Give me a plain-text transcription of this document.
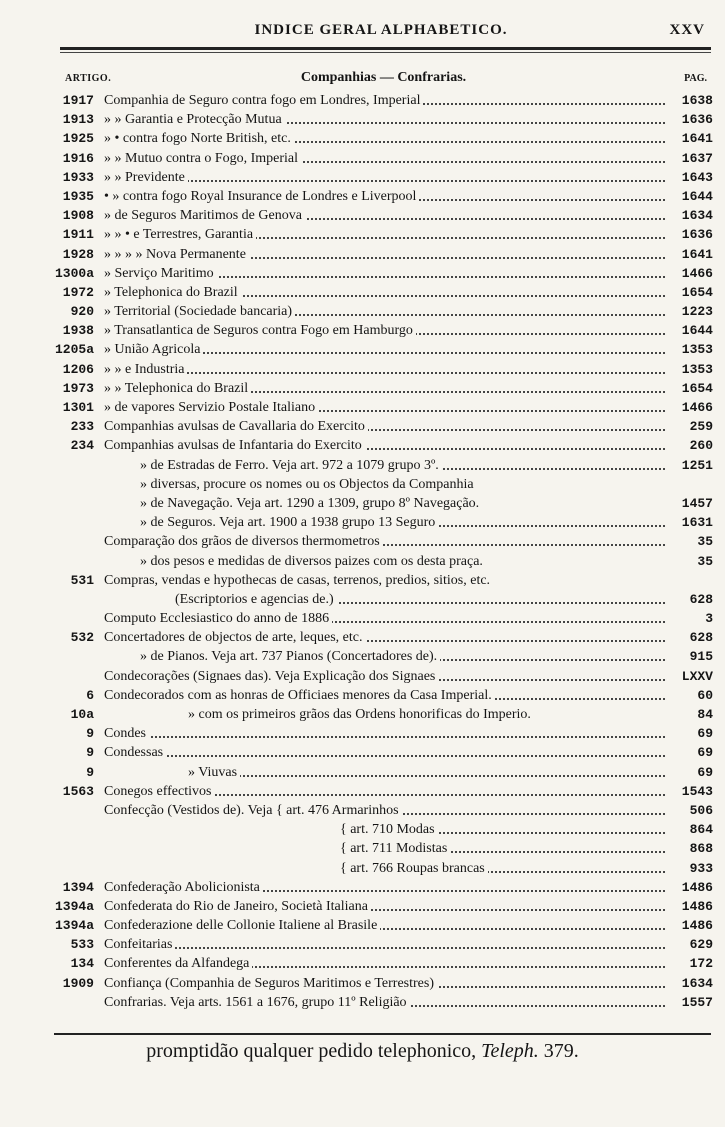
INDICE GERAL ALPHABETICO.	XXV
ARTIGO.	Companhias — Confrarias.	PAG.
1917 Companhia de Seguro contra fogo em Londres, Imperial	1638
1913 » » Garantia e Protecção Mutua	1636
1925 » • contra fogo Norte British, etc.	1641
1916 » » Mutuo contra o Fogo, Imperial	1637
1933 » » Previdente	1643
1935 • » contra fogo Royal Insurance de Londres e Liverpool	1644
1908 » de Seguros Maritimos de Genova	1634
1911 » » • e Terrestres, Garantia	1636
1928 » » » » Nova Permanente	1641
1300a » Serviço Maritimo	1466
1972 » Telephonica do Brazil	1654
920 » Territorial (Sociedade bancaria)	1223
1938 » Transatlantica de Seguros contra Fogo em Hamburgo	1644
1205a » União Agricola	1353
1206 » » e Industria	1353
1973 » » Telephonica do Brazil	1654
1301 » de vapores Servizio Postale Italiano	1466
233 Companhias avulsas de Cavallaria do Exercito	259
234 Companhias avulsas de Infantaria do Exercito	260
» de Estradas de Ferro. Veja art. 972 a 1079 grupo 3º.	1251
» diversas, procure os nomes ou os Objectos da Companhia
» de Navegação. Veja art. 1290 a 1309, grupo 8º Navegação.	1457
» de Seguros. Veja art. 1900 a 1938 grupo 13 Seguro	1631
Comparação dos grãos de diversos thermometros	35
» dos pesos e medidas de diversos paizes com os desta praça.	35
531 Compras, vendas e hypothecas de casas, terrenos, predios, sitios, etc.
(Escriptorios e agencias de.)	628
Computo Ecclesiastico do anno de 1886	3
532 Concertadores de objectos de arte, leques, etc.	628
» de Pianos. Veja art. 737 Pianos (Concertadores de).	915
Condecorações (Signaes das). Veja Explicação dos Signaes	LXXV
6 Condecorados com as honras de Officiaes menores da Casa Imperial.	60
10a	» com os primeiros grãos das Ordens honorificas do Imperio.	84
9 Condes	69
9 Condessas	69
9	» Viuvas	69
1563 Conegos effectivos	1543
Confecção (Vestidos de). Veja { art. 476 Armarinhos	506
{ art. 710 Modas	864
{ art. 711 Modistas	868
{ art. 766 Roupas brancas	933
1394 Confederação Abolicionista	1486
1394a Confederata do Rio de Janeiro, Società Italiana	1486
1394a Confederazione delle Collonie Italiene al Brasile	1486
533 Confeitarias	629
134 Conferentes da Alfandega	172
1909 Confiança (Companhia de Seguros Maritimos e Terrestres)	1634
Confrarias. Veja arts. 1561 a 1676, grupo 11º Religião	1557
promptidão qualquer pedido telephonico, Teleph. 379.
